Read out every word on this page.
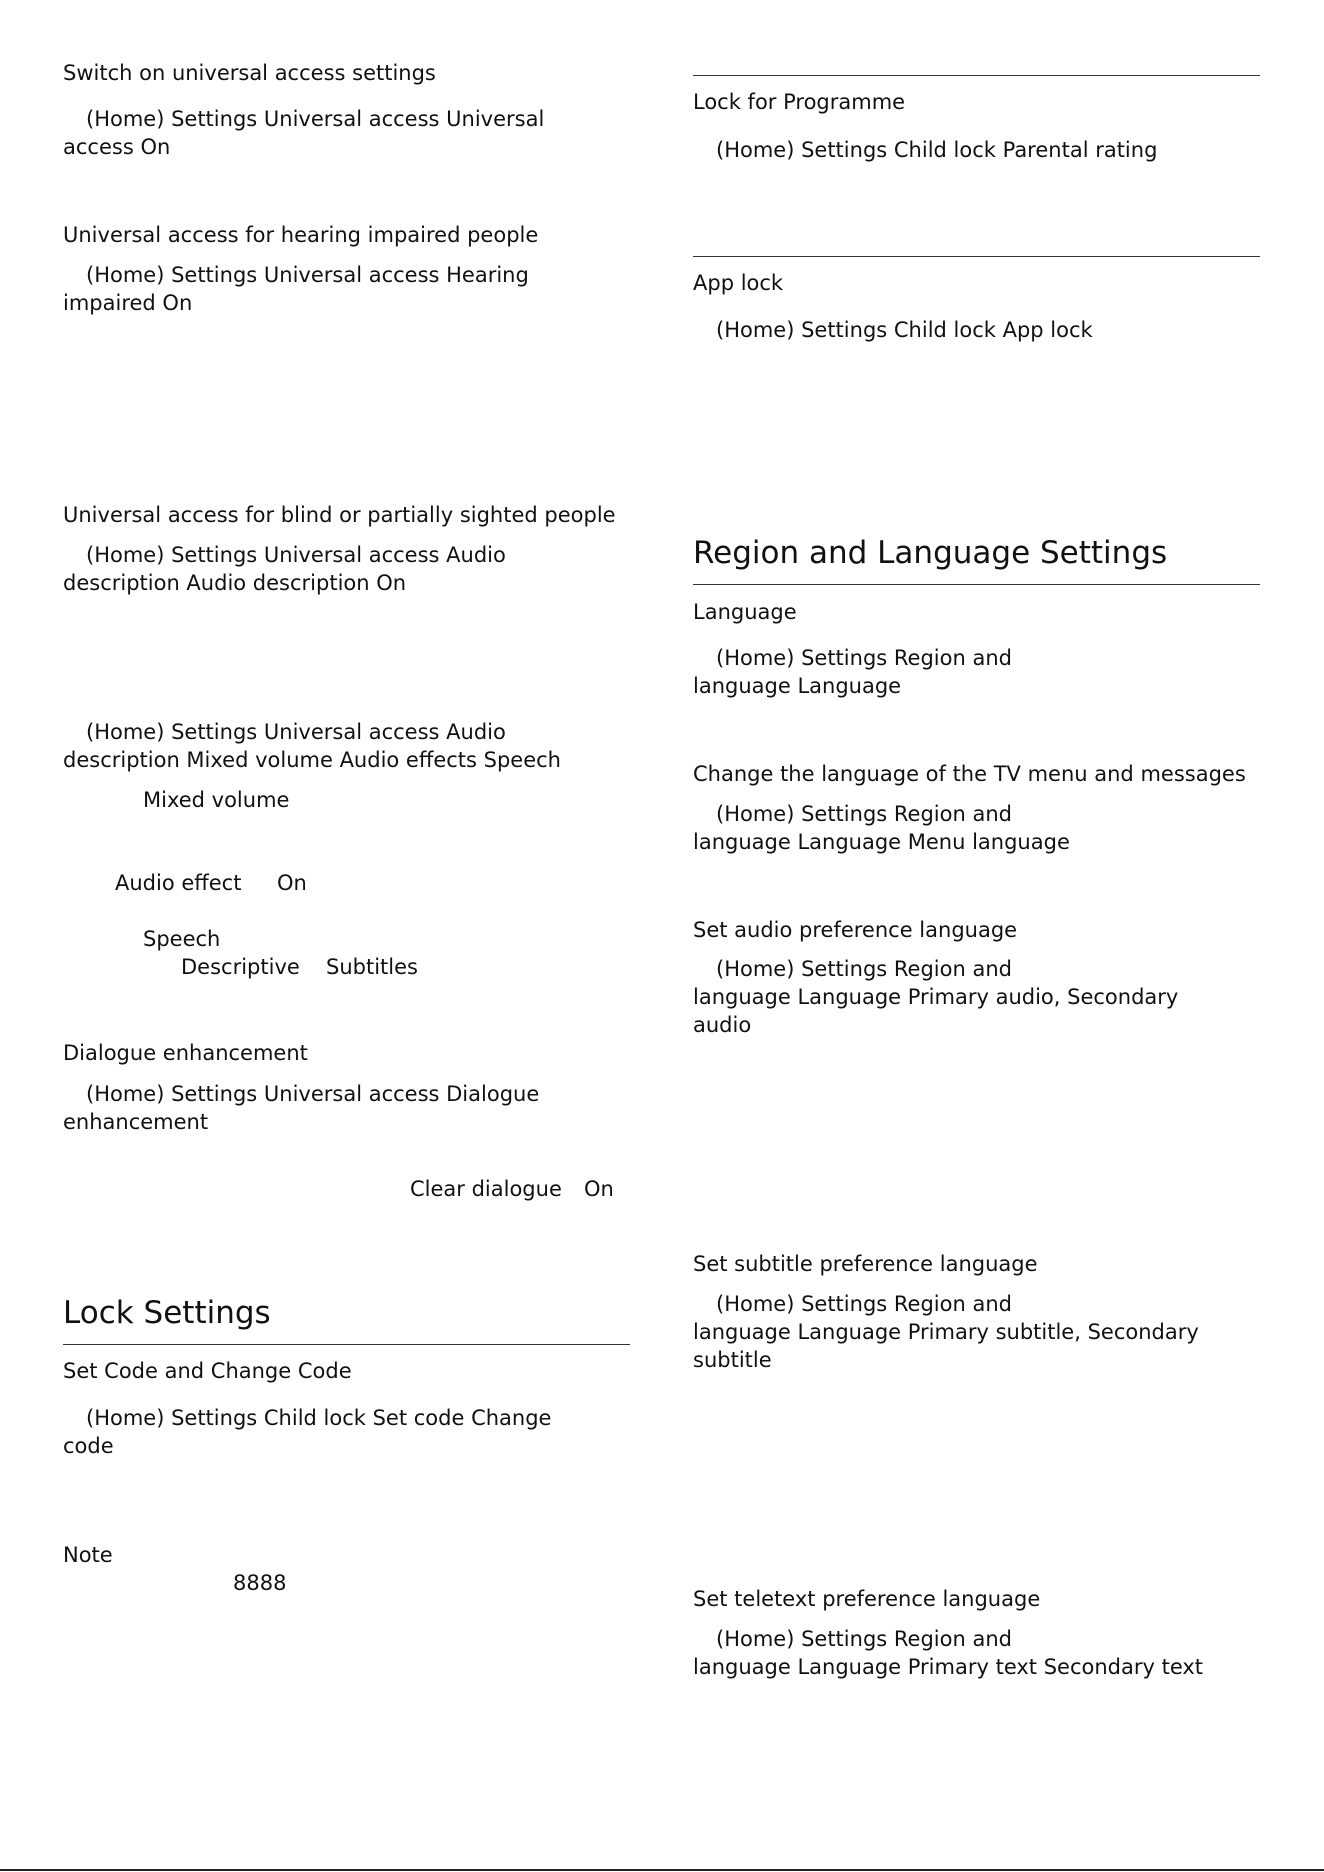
Switch on universal access settings
(Home) Settings Universal access Universal
access On
Universal access for hearing impaired people
(Home) Settings Universal access Hearing
impaired On
Universal access for blind or partially sighted people
(Home) Settings Universal access Audio
description Audio description On
(Home) Settings Universal access Audio
description Mixed volume Audio effects Speech
Mixed volume
Audio effect On
Speech
Descriptive Subtitles
Dialogue enhancement
(Home) Settings Universal access Dialogue
enhancement
Clear dialogue On
Lock Settings
Set Code and Change Code
(Home) Settings Child lock Set code Change
code
Note
8888
Lock for Programme
(Home) Settings Child lock Parental rating
App lock
(Home) Settings Child lock App lock
Region and Language Settings
Language
(Home) Settings Region and
language Language
Change the language of the TV menu and messages
(Home) Settings Region and
language Language Menu language
Set audio preference language
(Home) Settings Region and
language Language Primary audio, Secondary
audio
Set subtitle preference language
(Home) Settings Region and
language Language Primary subtitle, Secondary
subtitle
Set teletext preference language
(Home) Settings Region and
language Language Primary text Secondary text
